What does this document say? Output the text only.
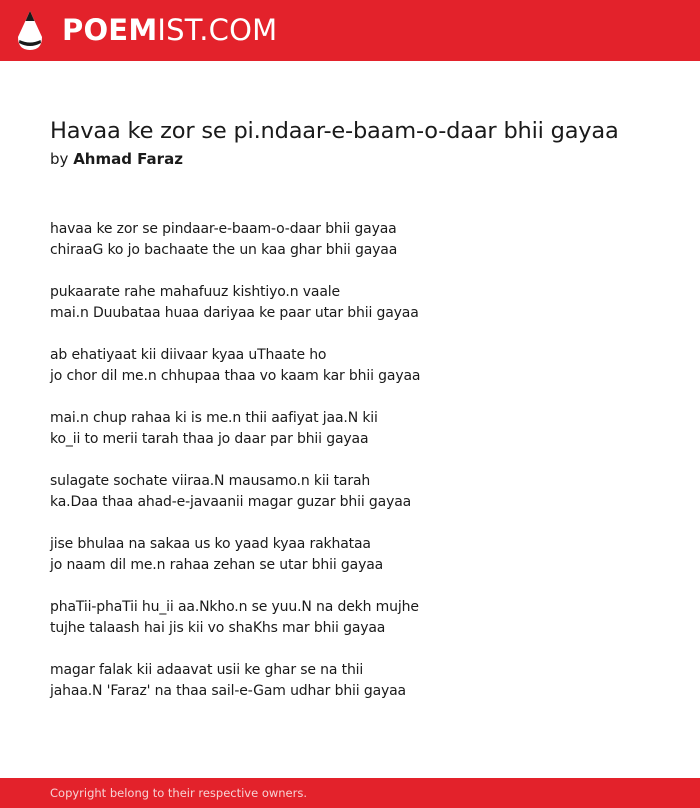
POEMIST.COM
Havaa ke zor se pi.ndaar-e-baam-o-daar bhii gayaa
by Ahmad Faraz
havaa ke zor se pindaar-e-baam-o-daar bhii gayaa
chiraaG ko jo bachaate the un kaa ghar bhii gayaa
pukaarate rahe mahafuuz kishtiyo.n vaale
mai.n Duubataa huaa dariyaa ke paar utar bhii gayaa
ab ehatiyaat kii diivaar kyaa uThaate ho
jo chor dil me.n chhupaa thaa vo kaam kar bhii gayaa
mai.n chup rahaa ki is me.n thii aafiyat jaa.N kii
ko_ii to merii tarah thaa jo daar par bhii gayaa
sulagate sochate viiraa.N mausamo.n kii tarah
ka.Daa thaa ahad-e-javaanii magar guzar bhii gayaa
jise bhulaa na sakaa us ko yaad kyaa rakhataa
jo naam dil me.n rahaa zehan se utar bhii gayaa
phaTii-phaTii hu_ii aa.Nkho.n se yuu.N na dekh mujhe
tujhe talaash hai jis kii vo shaKhs mar bhii gayaa
magar falak kii adaavat usii ke ghar se na thii
jahaa.N 'Faraz' na thaa sail-e-Gam udhar bhii gayaa
Copyright belong to their respective owners.
